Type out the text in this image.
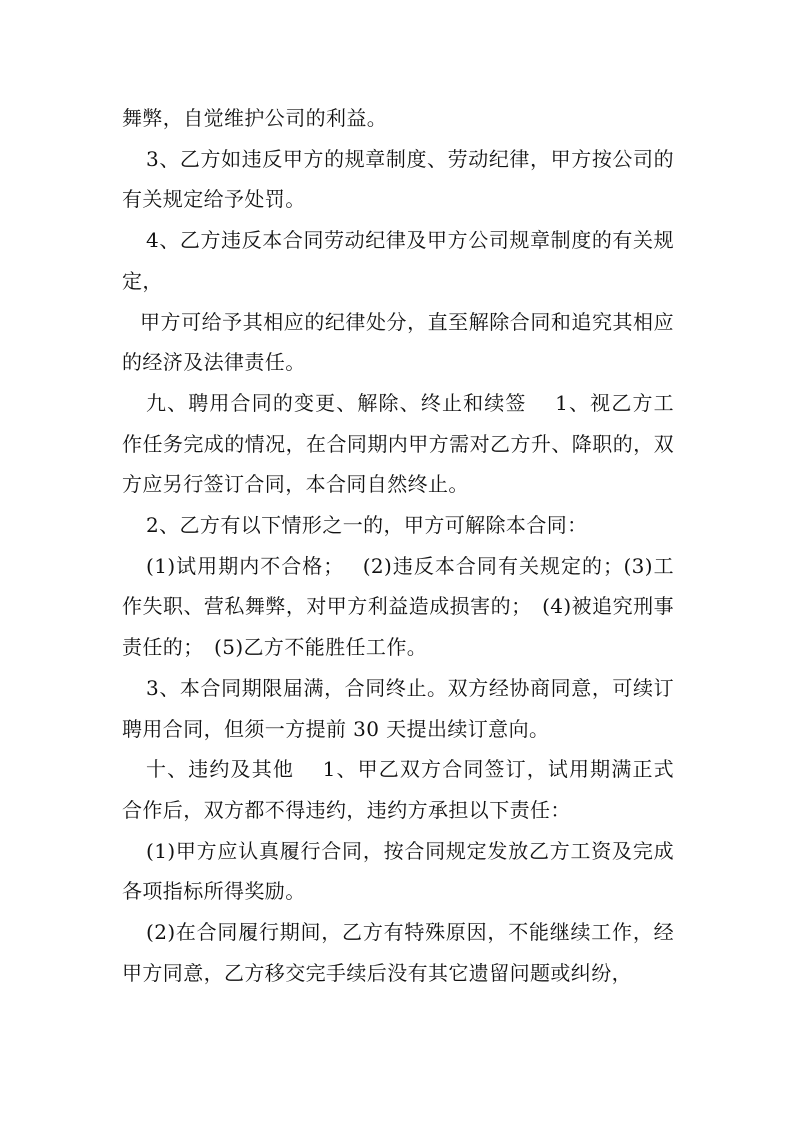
舞弊，自觉维护公司的利益。

3、乙方如违反甲方的规章制度、劳动纪律，甲方按公司的有关规定给予处罚。

4、乙方违反本合同劳动纪律及甲方公司规章制度的有关规定，

甲方可给予其相应的纪律处分，直至解除合同和追究其相应的经济及法律责任。

九、聘用合同的变更、解除、终止和续签　 1、视乙方工作任务完成的情况，在合同期内甲方需对乙方升、降职的，双方应另行签订合同，本合同自然终止。

2、乙方有以下情形之一的，甲方可解除本合同：

(1)试用期内不合格；　 (2)违反本合同有关规定的；(3)工作失职、营私舞弊，对甲方利益造成损害的；　(4)被追究刑事责任的；　(5)乙方不能胜任工作。

3、本合同期限届满，合同终止。双方经协商同意，可续订聘用合同，但须一方提前 30 天提出续订意向。

十、违约及其他　 1、甲乙双方合同签订，试用期满正式合作后，双方都不得违约，违约方承担以下责任：

(1)甲方应认真履行合同，按合同规定发放乙方工资及完成各项指标所得奖励。

(2)在合同履行期间，乙方有特殊原因，不能继续工作，经甲方同意，乙方移交完手续后没有其它遗留问题或纠纷，
